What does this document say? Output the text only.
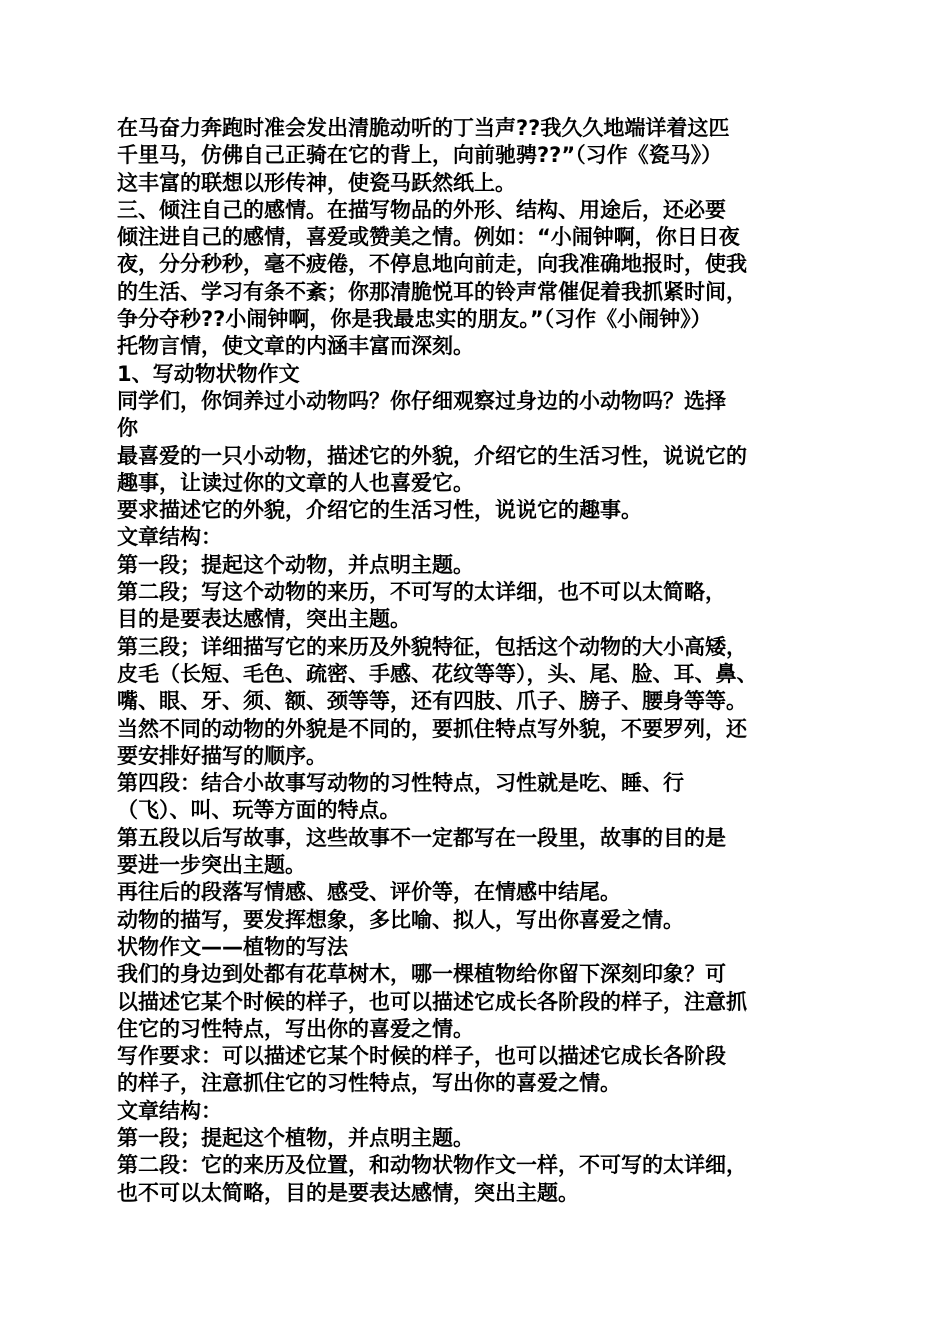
在马奋力奔跑时准会发出清脆动听的丁当声??我久久地端详着这匹
千里马，仿佛自己正骑在它的背上，向前驰骋??”（习作《瓷马》）
这丰富的联想以形传神，使瓷马跃然纸上。
三、倾注自己的感情。在描写物品的外形、结构、用途后，还必要
倾注进自己的感情，喜爱或赞美之情。例如：“小闹钟啊，你日日夜
夜，分分秒秒，毫不疲倦，不停息地向前走，向我准确地报时，使我
的生活、学习有条不紊；你那清脆悦耳的铃声常催促着我抓紧时间，
争分夺秒??小闹钟啊，你是我最忠实的朋友。”（习作《小闹钟》）
托物言情，使文章的内涵丰富而深刻。
1、写动物状物作文
同学们，你饲养过小动物吗？你仔细观察过身边的小动物吗？选择
你
最喜爱的一只小动物，描述它的外貌，介绍它的生活习性，说说它的
趣事，让读过你的文章的人也喜爱它。
要求描述它的外貌，介绍它的生活习性，说说它的趣事。
文章结构：
第一段；提起这个动物，并点明主题。
第二段；写这个动物的来历，不可写的太详细，也不可以太简略，
目的是要表达感情，突出主题。
第三段；详细描写它的来历及外貌特征，包括这个动物的大小高矮，
皮毛（长短、毛色、疏密、手感、花纹等等），头、尾、脸、耳、鼻、
嘴、眼、牙、须、额、颈等等，还有四肢、爪子、膀子、腰身等等。
当然不同的动物的外貌是不同的，要抓住特点写外貌，不要罗列，还
要安排好描写的顺序。
第四段：结合小故事写动物的习性特点，习性就是吃、睡、行
（飞）、叫、玩等方面的特点。
第五段以后写故事，这些故事不一定都写在一段里，故事的目的是
要进一步突出主题。
再往后的段落写情感、感受、评价等，在情感中结尾。
动物的描写，要发挥想象，多比喻、拟人，写出你喜爱之情。
状物作文——植物的写法
我们的身边到处都有花草树木，哪一棵植物给你留下深刻印象？可
以描述它某个时候的样子，也可以描述它成长各阶段的样子，注意抓
住它的习性特点，写出你的喜爱之情。
写作要求：可以描述它某个时候的样子，也可以描述它成长各阶段
的样子，注意抓住它的习性特点，写出你的喜爱之情。
文章结构：
第一段；提起这个植物，并点明主题。
第二段：它的来历及位置，和动物状物作文一样，不可写的太详细，
也不可以太简略，目的是要表达感情，突出主题。
